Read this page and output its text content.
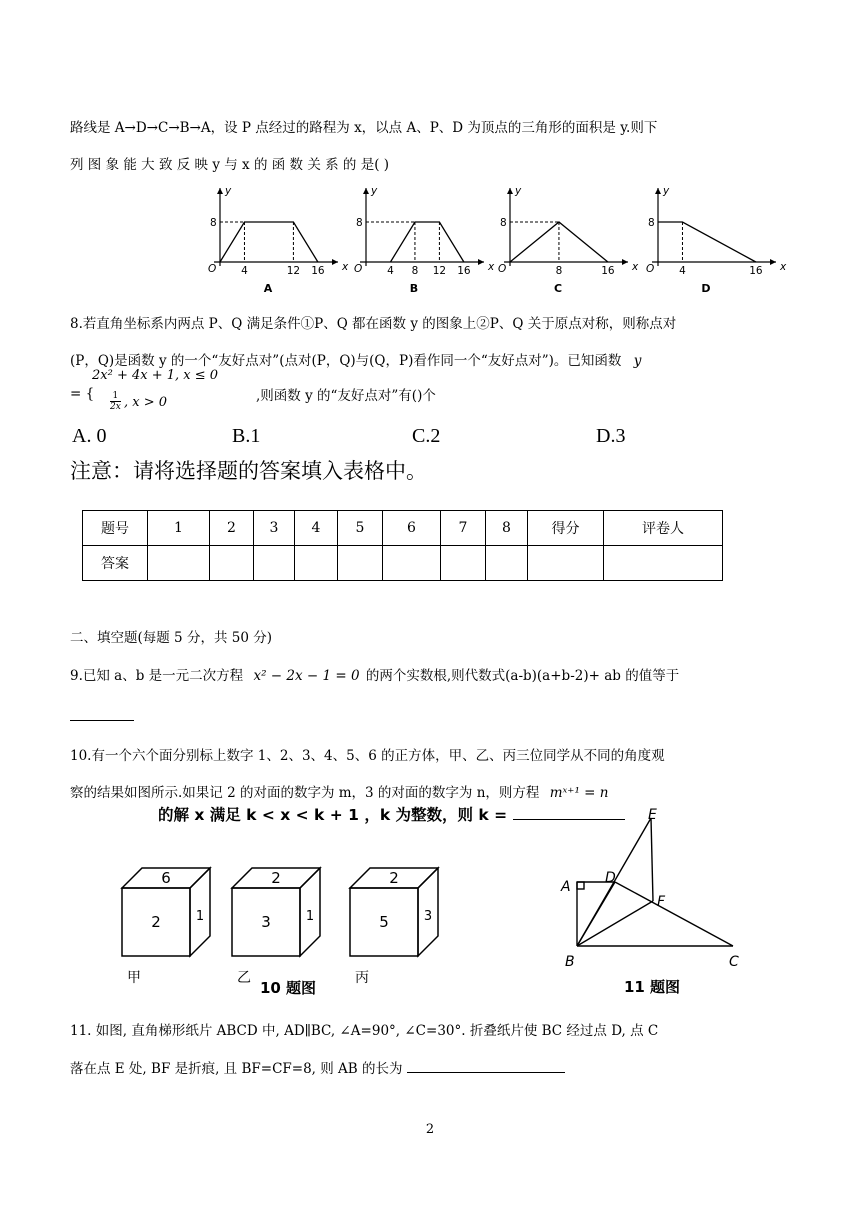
路线是 A→D→C→B→A，设 P 点经过的路程为 x，以点 A、P、D 为顶点的三角形的面积是 y.则下
列 图 象 能 大 致 反 映 y 与 x 的 函 数 关 系 的 是( )
x
y
O
8
4	12 16
A
x
y
O
8
4 8 12 16
B
x
y
O
8
8	16
C
x
y
O
8
4	16
D
8.若直角坐标系内两点 P、Q 满足条件①P、Q 都在函数 y 的图象上②P、Q 关于原点对称，则称点对
(P，Q)是函数 y 的一个“友好点对”(点对(P，Q)与(Q，P)看作同一个“友好点对”)。已知函数 y
2x² + 4x + 1, x ≤ 0
= { $\frac{1}{2x}$ , x > 0	,则函数 y 的“友好点对”有()个
A. 0	B.1	C.2	D.3
注意：请将选择题的答案填入表格中。
题号	1	2	3	4	5	6	7	8	得分	评卷人
答案										
二、填空题(每题 5 分，共 50 分)
9.已知 a、b 是一元二次方程 x² − 2x − 1 = 0 的两个实数根,则代数式(a-b)(a+b-2)+ ab 的值等于
10.有一个六个面分别标上数字 1、2、3、4、5、6 的正方体，甲、乙、丙三位同学从不同的角度观
察的结果如图所示.如果记 2 的对面的数字为 m，3 的对面的数字为 n，则方程 mˣ⁺¹ = n
的解 x 满足 k < x < k + 1 ，k 为整数，则 k =
6
2	1
甲
2
3	1
乙
2
5	3
丙
10 题图
A
B	C
D
E
F
11 题图
11. 如图, 直角梯形纸片 ABCD 中, AD∥BC, ∠A=90°, ∠C=30°. 折叠纸片使 BC 经过点 D, 点 C
落在点 E 处, BF 是折痕, 且 BF=CF=8, 则 AB 的长为
2
